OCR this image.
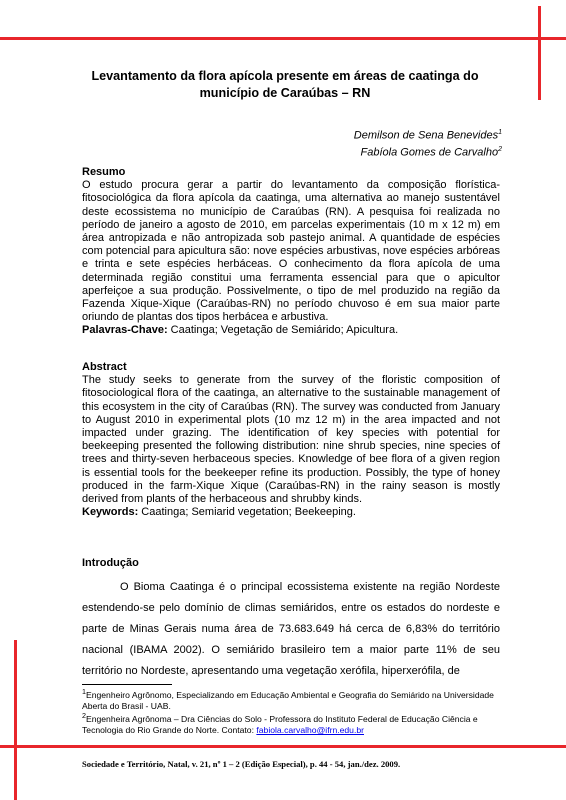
Levantamento da flora apícola presente em áreas de caatinga do
município de Caraúbas – RN
Demilson de Sena Benevides$^1$
Fabíola Gomes de Carvalho$^2$
Resumo
O estudo procura gerar a partir do levantamento da composição florística-fitosociológica da flora apícola da caatinga, uma alternativa ao manejo sustentável deste ecossistema no município de Caraúbas (RN). A pesquisa foi realizada no período de janeiro a agosto de 2010, em parcelas experimentais (10 m x 12 m) em área antropizada e não antropizada sob pastejo animal. A quantidade de espécies com potencial para apicultura são: nove espécies arbustivas, nove espécies arbóreas e trinta e sete espécies herbáceas. O conhecimento da flora apícola de uma determinada região constitui uma ferramenta essencial para que o apicultor aperfeiçoe a sua produção. Possivelmente, o tipo de mel produzido na região da Fazenda Xique-Xique (Caraúbas-RN) no período chuvoso é em sua maior parte oriundo de plantas dos tipos herbácea e arbustiva.
Palavras-Chave: Caatinga; Vegetação de Semiárido; Apicultura.
Abstract
The study seeks to generate from the survey of the floristic composition of fitosociological flora of the caatinga, an alternative to the sustainable management of this ecosystem in the city of Caraúbas (RN). The survey was conducted from January to August 2010 in experimental plots (10 mz 12 m) in the area impacted and not impacted under grazing. The identification of key species with potential for beekeeping presented the following distribution: nine shrub species, nine species of trees and thirty-seven herbaceous species. Knowledge of bee flora of a given region is essential tools for the beekeeper refine its production. Possibly, the type of honey produced in the farm-Xique Xique (Caraúbas-RN) in the rainy season is mostly derived from plants of the herbaceous and shrubby kinds.
Keywords: Caatinga; Semiarid vegetation; Beekeeping.
Introdução
O Bioma Caatinga é o principal ecossistema existente na região Nordeste estendendo-se pelo domínio de climas semiáridos, entre os estados do nordeste e parte de Minas Gerais numa área de 73.683.649 há cerca de 6,83% do território nacional (IBAMA 2002). O semiárido brasileiro tem a maior parte 11% de seu território no Nordeste, apresentando uma vegetação xerófila, hiperxerófila, de
$^1$Engenheiro Agrônomo, Especializando em Educação Ambiental e Geografia do Semiárido na Universidade Aberta do Brasil - UAB.
$^2$Engenheira Agrônoma – Dra Ciências do Solo - Professora do Instituto Federal de Educação Ciência e Tecnologia do Rio Grande do Norte. Contato: fabiola.carvalho@ifrn.edu.br
Sociedade e Território, Natal, v. 21, nº 1 – 2 (Edição Especial), p. 44 - 54, jan./dez. 2009.
